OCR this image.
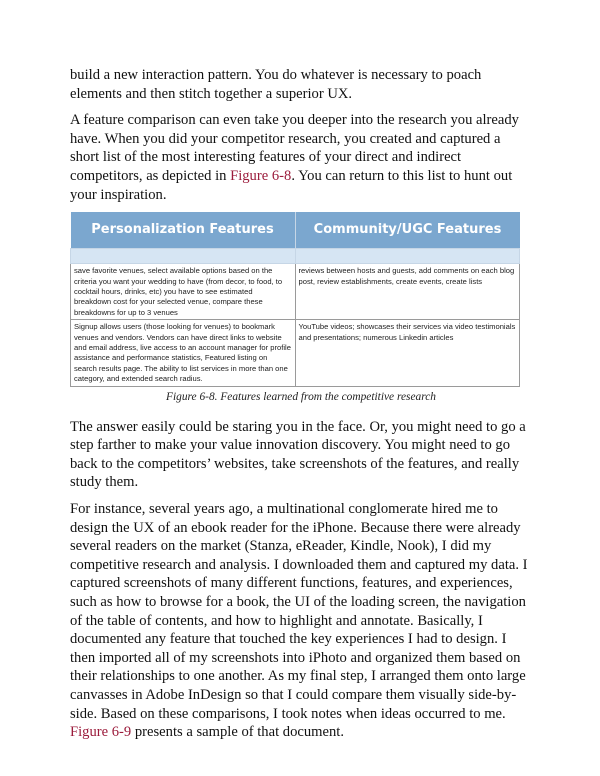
build a new interaction pattern. You do whatever is necessary to poach elements and then stitch together a superior UX.

A feature comparison can even take you deeper into the research you already have. When you did your competitor research, you created and captured a short list of the most interesting features of your direct and indirect competitors, as depicted in Figure 6-8. You can return to this list to hunt out your inspiration.

Personalization Features	Community/UGC Features

save favorite venues, select available options based on the criteria you want your wedding to have (from decor, to food, to cocktail hours, drinks, etc) you have to see estimated breakdown cost for your selected venue, compare these breakdowns for up to 3 venues	reviews between hosts and guests, add comments on each blog post, review establishments, create events, create lists
Signup allows users (those looking for venues) to bookmark venues and vendors. Vendors can have direct links to website and email address, live access to an account manager for profile assistance and performance statistics, Featured listing on search results page. The ability to list services in more than one category, and extended search radius.	YouTube videos; showcases their services via video testimonials and presentations; numerous Linkedin articles
Figure 6-8. Features learned from the competitive research

The answer easily could be staring you in the face. Or, you might need to go a step farther to make your value innovation discovery. You might need to go back to the competitors’ websites, take screenshots of the features, and really study them.

For instance, several years ago, a multinational conglomerate hired me to design the UX of an ebook reader for the iPhone. Because there were already several readers on the market (Stanza, eReader, Kindle, Nook), I did my competitive research and analysis. I downloaded them and captured my data. I captured screenshots of many different functions, features, and experiences, such as how to browse for a book, the UI of the loading screen, the navigation of the table of contents, and how to highlight and annotate. Basically, I documented any feature that touched the key experiences I had to design. I then imported all of my screenshots into iPhoto and organized them based on their relationships to one another. As my final step, I arranged them onto large canvasses in Adobe InDesign so that I could compare them visually side-by-side. Based on these comparisons, I took notes when ideas occurred to me. Figure 6-9 presents a sample of that document.
